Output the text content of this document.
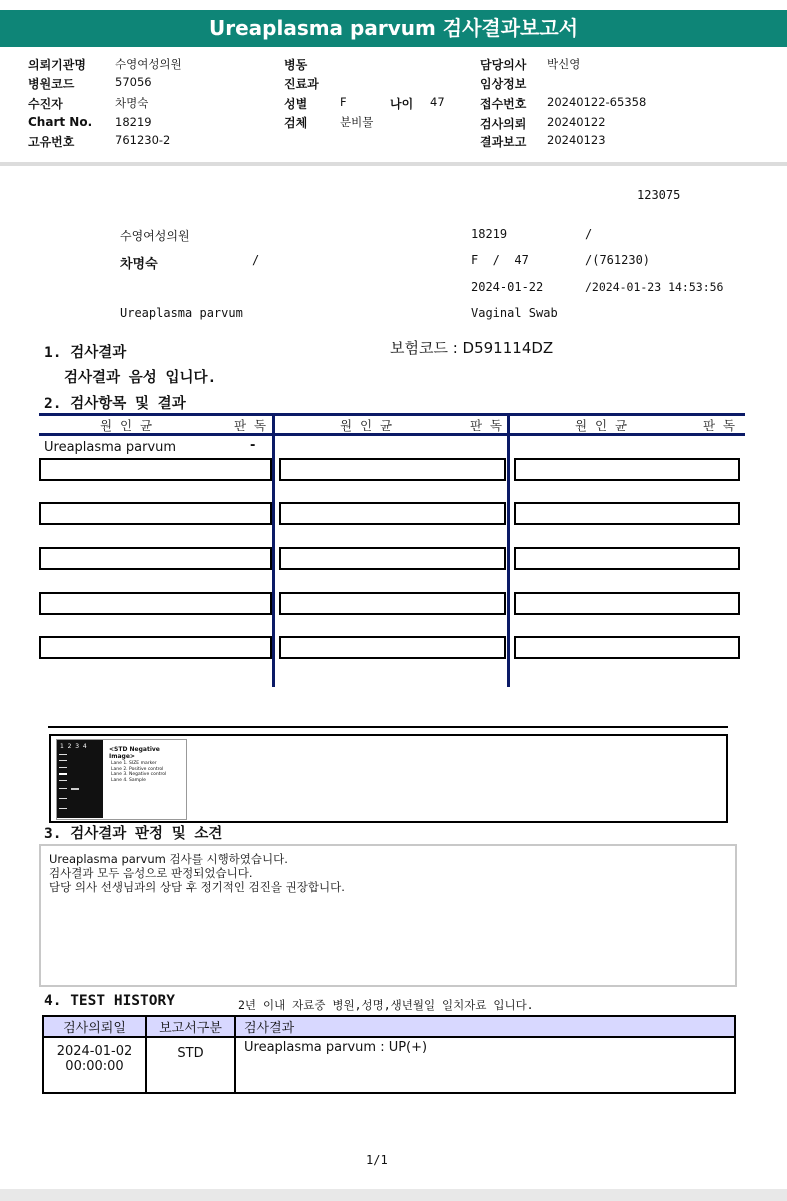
Ureaplasma parvum 검사결과보고서
의뢰기관명	수영여성의원
병원코드	57056
수진자	차명숙
Chart No. 18219
고유번호	761230-2
병동
진료과
성별	F	나이 47
검체	분비물
담당의사 박신영
임상정보
접수번호 20240122-65358
검사의뢰 20240122
결과보고 20240123
123075
수영여성의원	18219	/
차명숙	/	F  /  47	/(761230)
2024-01-22	/2024-01-23 14:53:56
Ureaplasma parvum	Vaginal Swab
1. 검사결과	보험코드 : D591114DZ
검사결과 음성 입니다.
2. 검사항목 및 결과
원  인  균	판  독	원  인  균	판  독	원  인  균	판  독
Ureaplasma parvum	-
1  2  3  4	<STD Negative Image>
Lane 1. SIZE marker
Lane 2. Positive control
Lane 3. Negative control
Lane 4. Sample
3. 검사결과 판정 및 소견
Ureaplasma parvum 검사를 시행하였습니다.
검사결과 모두 음성으로 판정되었습니다.
담당 의사 선생님과의 상담 후 정기적인 검진을 권장합니다.
4. TEST HISTORY	2년 이내 자료중 병원,성명,생년월일 일치자료 입니다.
검사의뢰일	보고서구분	검사결과

2024-01-02
00:00:00	STD	Ureaplasma parvum : UP(+)
1/1
